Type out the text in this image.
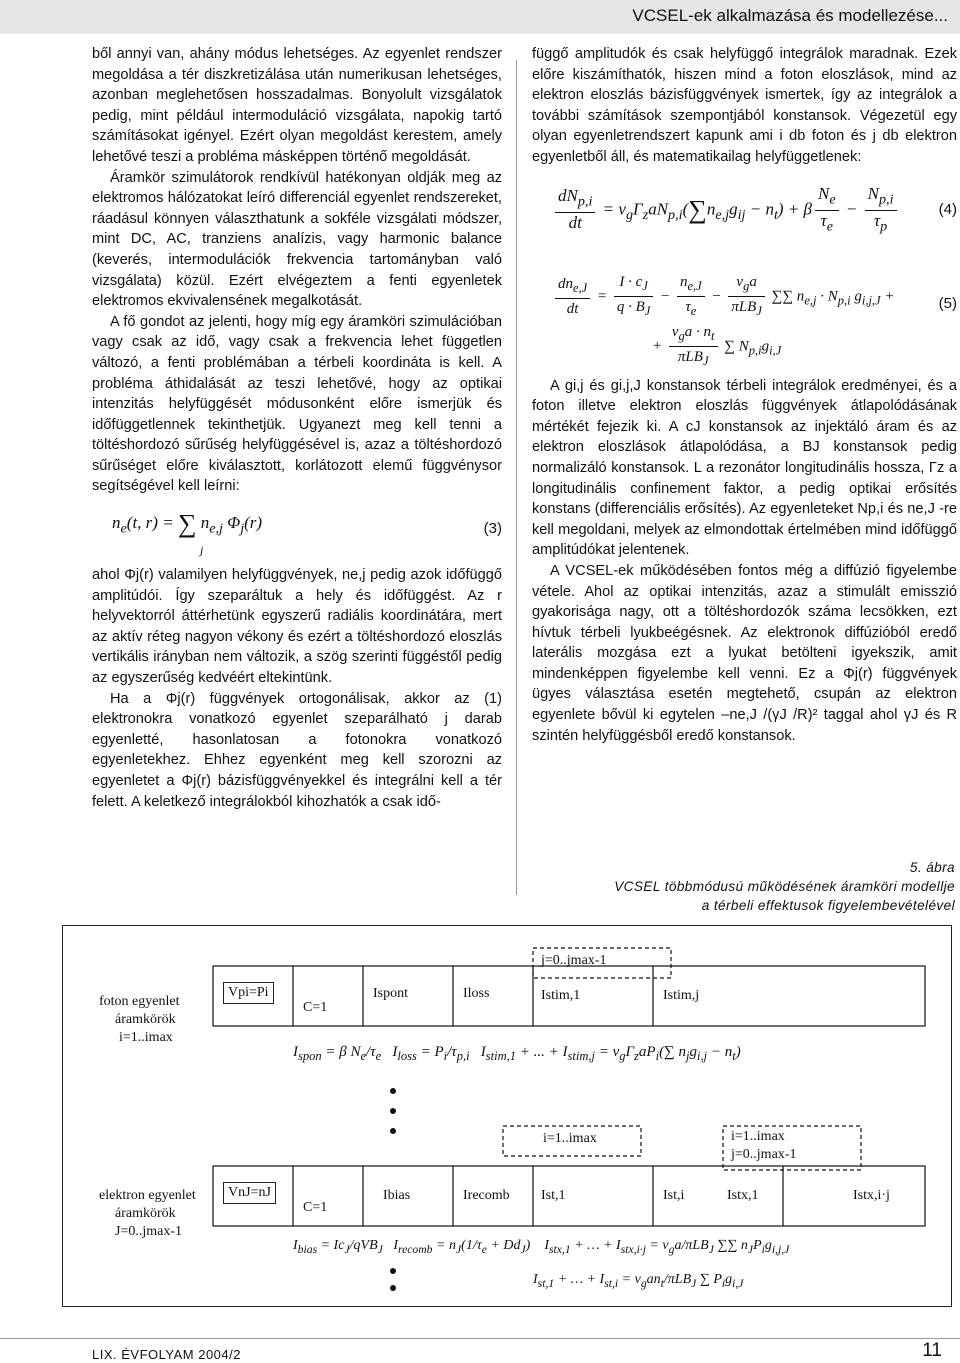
VCSEL-ek alkalmazása és modellezése...

ből annyi van, ahány módus lehetséges. Az egyenlet rendszer megoldása a tér diszkretizálása után numerikusan lehetséges, azonban meglehetősen hosszadalmas. Bonyolult vizsgálatok pedig, mint például intermoduláció vizsgálata, napokig tartó számításokat igényel. Ezért olyan megoldást kerestem, amely lehetővé teszi a probléma másképpen történő megoldását.

Áramkör szimulátorok rendkívül hatékonyan oldják meg az elektromos hálózatokat leíró differenciál egyenlet rendszereket, ráadásul könnyen választhatunk a sokféle vizsgálati módszer, mint DC, AC, tranziens analízis, vagy harmonic balance (keverés, intermodulációk frekvencia tartományban való vizsgálata) közül. Ezért elvégeztem a fenti egyenletek elektromos ekvivalensének megalkotását.

A fő gondot az jelenti, hogy míg egy áramköri szimulációban vagy csak az idő, vagy csak a frekvencia lehet független változó, a fenti problémában a térbeli koordináta is kell. A probléma áthidalását az teszi lehetővé, hogy az optikai intenzitás helyfüggését módusonként előre ismerjük és időfüggetlennek tekinthetjük. Ugyanezt meg kell tenni a töltéshordozó sűrűség helyfüggésével is, azaz a töltéshordozó sűrűséget előre kiválasztott, korlátozott elemű függvénysor segítségével kell leírni:

$n_e(t$, r) = ∑ $n_{e,j}$ $\Phi_j(r)$
j
(3)

ahol Φj(r) valamilyen helyfüggvények, ne,j pedig azok időfüggő amplitúdói. Így szeparáltuk a hely és időfüggést. Az r helyvektorról áttérhetünk egyszerű radiális koordinátára, mert az aktív réteg nagyon vékony és ezért a töltéshordozó eloszlás vertikális irányban nem változik, a szög szerinti függéstől pedig az egyszerűség kedvéért eltekintünk.

Ha a Φj(r) függvények ortogonálisak, akkor az (1) elektronokra vonatkozó egyenlet szeparálható j darab egyenletté, hasonlatosan a fotonokra vonatkozó egyenletekhez. Ehhez egyenként meg kell szorozni az egyenletet a Φj(r) bázisfüggvényekkel és integrálni kell a tér felett. A keletkező integrálokból kihozhatók a csak idő-

függő amplitudók és csak helyfüggő integrálok maradnak. Ezek előre kiszámíthatók, hiszen mind a foton eloszlások, mind az elektron eloszlás bázisfüggvények ismertek, így az integrálok a további számítások szempontjából konstansok. Végezetül egy olyan egyenletrendszert kapunk ami i db foton és j db elektron egyenletből áll, és matematikailag helyfüggetlenek:

$\frac{dN_{p,i}}{dt} = v_g\Gamma_zaN_{p,i}(\sum n_{e,j}g_{ij} - n_t) + \beta \frac{N_e}{\tau_e} - \frac{N_{p,i}}{\tau_p}$	(4)
$\frac{dn_{e,J}}{dt} = \frac{I \cdot c_J}{q \cdot B_J} - \frac{n_{e,J}}{\tau_e} - \frac{v_ga}{\pi LB_J}$ ∑∑ $n_{e,j} \cdot N_{p,i}$ $g_{i,j,J}$ +
+ $\frac{v_ga \cdot n_t}{\pi LB_J}$ ∑ $N_{p,i}g_{i,J}$
(5)

A gi,j és gi,j,J konstansok térbeli integrálok eredményei, és a foton illetve elektron eloszlás függvények átlapolódásának mértékét fejezik ki. A cJ konstansok az injektáló áram és az elektron eloszlások átlapolódása, a BJ konstansok pedig normalizáló konstansok. L a rezonátor longitudinális hossza, Γz a longitudinális confinement faktor, a pedig optikai erősítés konstans (differenciális erősítés). Az egyenleteket Np,i és ne,J -re kell megoldani, melyek az elmondottak értelmében mind időfüggő amplitúdókat jelentenek.

A VCSEL-ek működésében fontos még a diffúzió figyelembe vétele. Ahol az optikai intenzitás, azaz a stimulált emisszió gyakorisága nagy, ott a töltéshordozók száma lecsökken, ezt hívtuk térbeli lyukbeégésnek. Az elektronok diffúzióból eredő laterális mozgása ezt a lyukat betölteni igyekszik, amit mindenképpen figyelembe kell venni. Ez a Φj(r) függvények ügyes választása esetén megtehető, csupán az elektron egyenlete bővül ki egytelen –ne,J /(γJ /R)² taggal ahol γJ és R szintén helyfüggésből eredő konstansok.

5. ábra
VCSEL többmódusú működésének áramköri modellje
a térbeli effektusok figyelembevételével
foton egyenlet
áramkörök
i=1..imax
elektron egyenlet
áramkörök
J=0..jmax-1
Vpi=Pi
C=1
j=0..jmax-1
Ispont	Iloss	Istim,1	Istim,j
$I_{spon} = \beta$ $N_e/\tau_e$   $I_{loss} = P_i/\tau_{p,i}$   $I_{stim,1}$ + ... + $I_{stim,j} = v_g\Gamma_zaP_i(\sum$ $n_jg_{i,j} - n_t$)
VnJ=nJ
C=1
i=1..imax	i=1..imax
j=0..jmax-1
Ibias	Irecomb Ist,1	Ist,i	Istx,1	Istx,i·j
$I_{bias} = Ic_J/qVB_J$   $I_{recomb} = n_J(1/\tau_e + Dd_J)$    $I_{stx,1}$ + … + $I_{stx,i\cdot j} = v_ga/\pi LB_J$ ∑∑ $n_JP_ig_{i,j,J}$
$I_{st,1}$ + … + $I_{st,i} = v_gan_t/\pi LB_J$ ∑ $P_ig_{i,J}$
LIX. ÉVFOLYAM 2004/2	11
